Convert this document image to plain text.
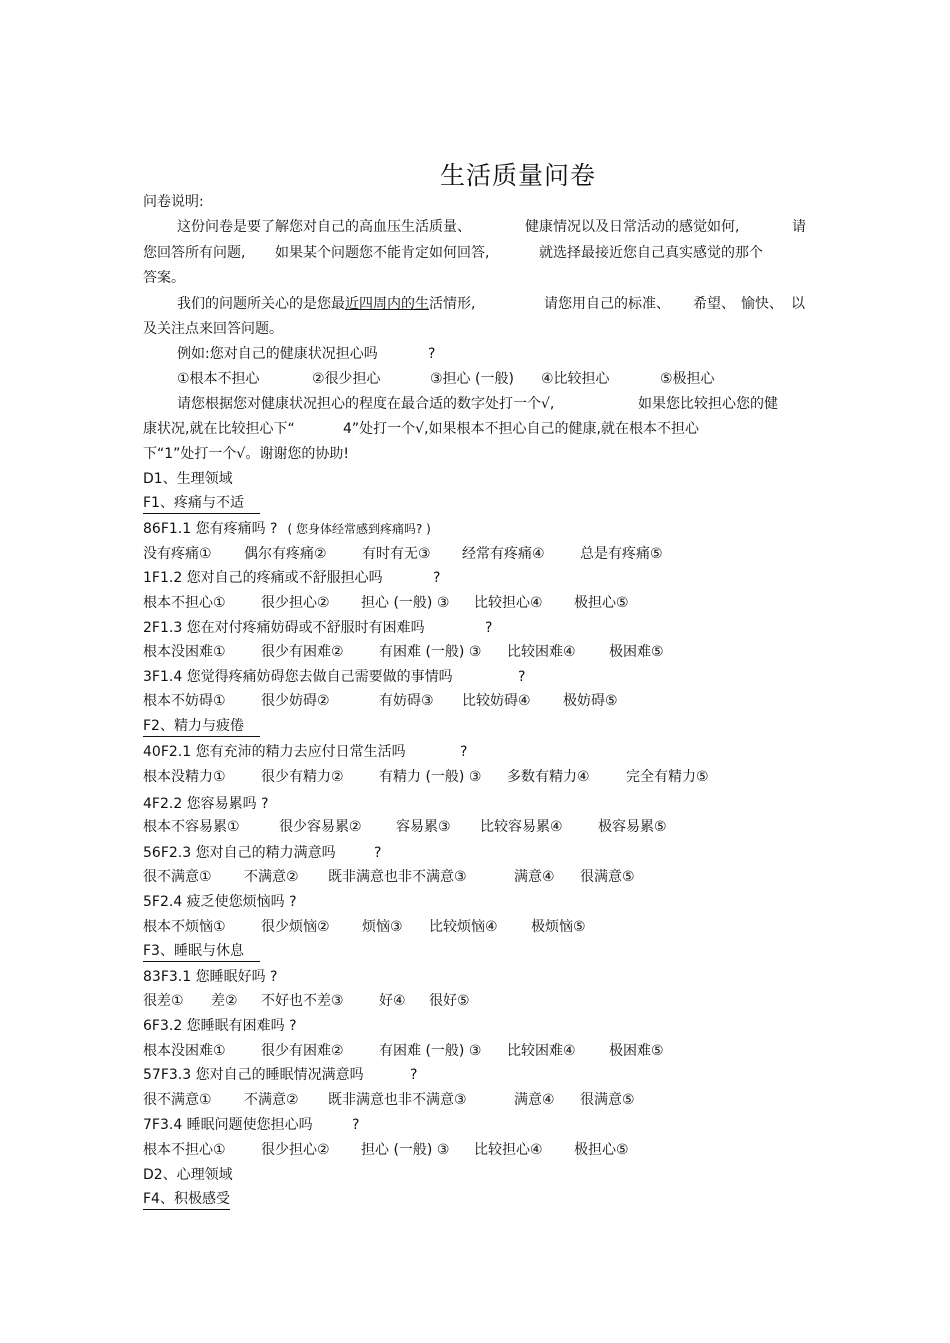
生活质量问卷
问卷说明:
这份问卷是要了解您对自己的高血压生活质量、	健康情况以及日常活动的感觉如何,	请
您回答所有问题, 如果某个问题您不能肯定如何回答,	就选择最接近您自己真实感觉的那个
答案。
我们的问题所关心的是您最近四周内的生活情形,	请您用自己的标准、 希望、 愉快、 以
及关注点来回答问题。
例如:您对自己的健康状况担心吗	?
①根本不担心	②很少担心	③担心 (一般) ④比较担心	⑤极担心
请您根据您对健康状况担心的程度在最合适的数字处打一个√,	如果您比较担心您的健
康状况,就在比较担心下“	4”处打一个√,如果根本不担心自己的健康,就在根本不担心
下“1”处打一个√。谢谢您的协助!
D1、生理领域
F1、疼痛与不适
86F1.1 您有疼痛吗 ? ( 您身体经常感到疼痛吗? )
没有疼痛① 偶尔有疼痛②	有时有无③ 经常有疼痛④	总是有疼痛⑤
1F1.2 您对自己的疼痛或不舒服担心吗	?
根本不担心①	很少担心② 担心 (一般) ③ 比较担心④ 极担心⑤
2F1.3 您在对付疼痛妨碍或不舒服时有困难吗	?
根本没困难①	很少有困难②	有困难 (一般) ③ 比较困难④ 极困难⑤
3F1.4 您觉得疼痛妨碍您去做自己需要做的事情吗	?
根本不妨碍①	很少妨碍②	有妨碍③ 比较妨碍④ 极妨碍⑤
F2、精力与疲倦
40F2.1 您有充沛的精力去应付日常生活吗	?
根本没精力①	很少有精力②	有精力 (一般) ③ 多数有精力④	完全有精力⑤
4F2.2 您容易累吗 ?
根本不容易累①	很少容易累② 容易累③ 比较容易累④	极容易累⑤
56F2.3 您对自己的精力满意吗	?
很不满意① 不满意② 既非满意也非不满意③	满意④ 很满意⑤
5F2.4 疲乏使您烦恼吗 ?
根本不烦恼①	很少烦恼② 烦恼③ 比较烦恼④ 极烦恼⑤
F3、睡眠与休息
83F3.1 您睡眠好吗 ?
很差① 差② 不好也不差③	好④ 很好⑤
6F3.2 您睡眠有困难吗 ?
根本没困难①	很少有困难②	有困难 (一般) ③ 比较困难④ 极困难⑤
57F3.3 您对自己的睡眠情况满意吗	?
很不满意① 不满意② 既非满意也非不满意③	满意④ 很满意⑤
7F3.4 睡眠问题使您担心吗	?
根本不担心①	很少担心② 担心 (一般) ③ 比较担心④ 极担心⑤
D2、心理领域
F4、积极感受
